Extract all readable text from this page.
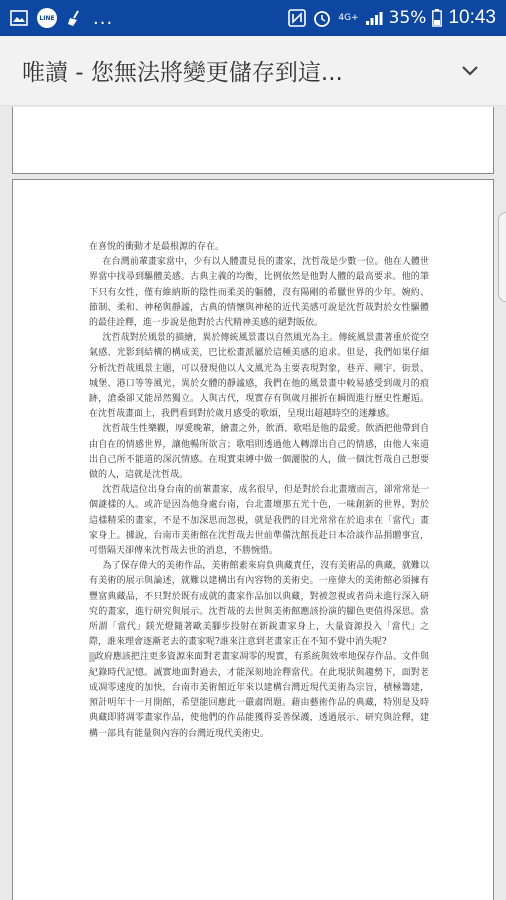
LINE ...	4G+ 35% 10:43
唯讀 - 您無法將變更儲存到這...

在喜悅的衝動才是最根源的存在。

在台灣前輩畫家當中，少有以人體畫見長的畫家，沈哲哉是少數一位。他在人體世界當中找尋到驅體美感。古典主義的均衡，比例依然是他對人體的最高要求。他的筆下只有女性，僅有維納斯的陰性而柔美的軀體，沒有陽剛的希臘世界的少年。婉約、節制、柔和、神秘與靜謐，古典的情懷與神秘的近代美感可說是沈哲哉對於女性驅體的最佳詮釋，進一步說是他對於古代精神美感的絕對皈依。

沈哲哉對於風景的描繪，異於傳統風景畫以自然風光為主。傳統風景畫著重於從空氣感、光影到結構的構成美，巴比松畫派屬於這種美感的追求。但是，我們如果仔細分析沈哲哉風景主題，可以發現他以人文風光為主要表現對象，巷弄、剛宇、街景、城堡、港口等等風光，異於女體的靜謐感，我們在他的風景畫中較易感受到歲月的痕跡，滄桑卻又能昂然獨立。人與古代，現實存有與歲月摧折在瞬間進行歷史性邂逅。在沈哲哉畫面上，我們看到對於歲月感受的歌頌，呈現出超越時空的迷離感。

沈哲哉生性樂觀，厚愛晚輩，繪畫之外，飲酒、歌唱是他的最愛。飲酒把他帶到自由自在的情感世界，讓他暢所欲言；歌唱則透過他人轉譯出自己的情感，由他人來道出自己所不能道的深沉情感。在現實束縛中做一個灑脫的人，做一個沈哲哉自己想要做的人，這就是沈哲哉。

沈哲哉這位出身台南的前輩畫家，成名很早，但是對於台北畫壇而言，卻常常是一個謎樣的人。或許是因為他身處台南，台北畫壇那五光十色，一味創新的世界，對於這樣精采的畫家，不是不加深思而忽視，就是我們的目光常常在於追求在「當代」畫家身上。據說，台南市美術館在沈哲哉去世前準備沈館長赴日本洽談作品捐贈事宜，可惜隔天卻傳來沈哲哉去世的消息，不勝惋惜。

為了保存偉大的美術作品，美術館素來肩負典藏責任，沒有美術品的典藏，就難以有美術的展示與論述，就難以建構出有內容物的美術史。一座偉大的美術館必須擁有豐富典藏品，不只對於既有成就的畫家作品加以典藏，對被忽視或者尚未進行深入研究的畫家，進行研究與展示。沈哲哉的去世與美術館應該扮演的腳色更值得深思。當所謂「當代」鎂光燈隨著歐美腳步投射在新銳畫家身上，大量資源投入「當代」之際，誰來理會逐漸老去的畫家呢?誰來注意到老畫家正在不知不覺中消失呢?

政府應該把注更多資源來面對老畫家凋零的現實，有系統與效率地保存作品、文件與紀錄時代記憶。誠實地面對過去，才能深刻地詮釋當代。在此現狀與趨勢下，面對老成凋零速度的加快，台南市美術館近年來以建構台灣近現代美術為宗旨，積極籌建，預計明年十一月開館，希望能回應此一嚴肅問題。藉由藝術作品的典藏，特別是及時典藏即將凋零畫家作品，使他們的作品能獲得妥善保護，透過展示、研究與詮釋，建構一部具有能量與內容的台灣近現代美術史。
